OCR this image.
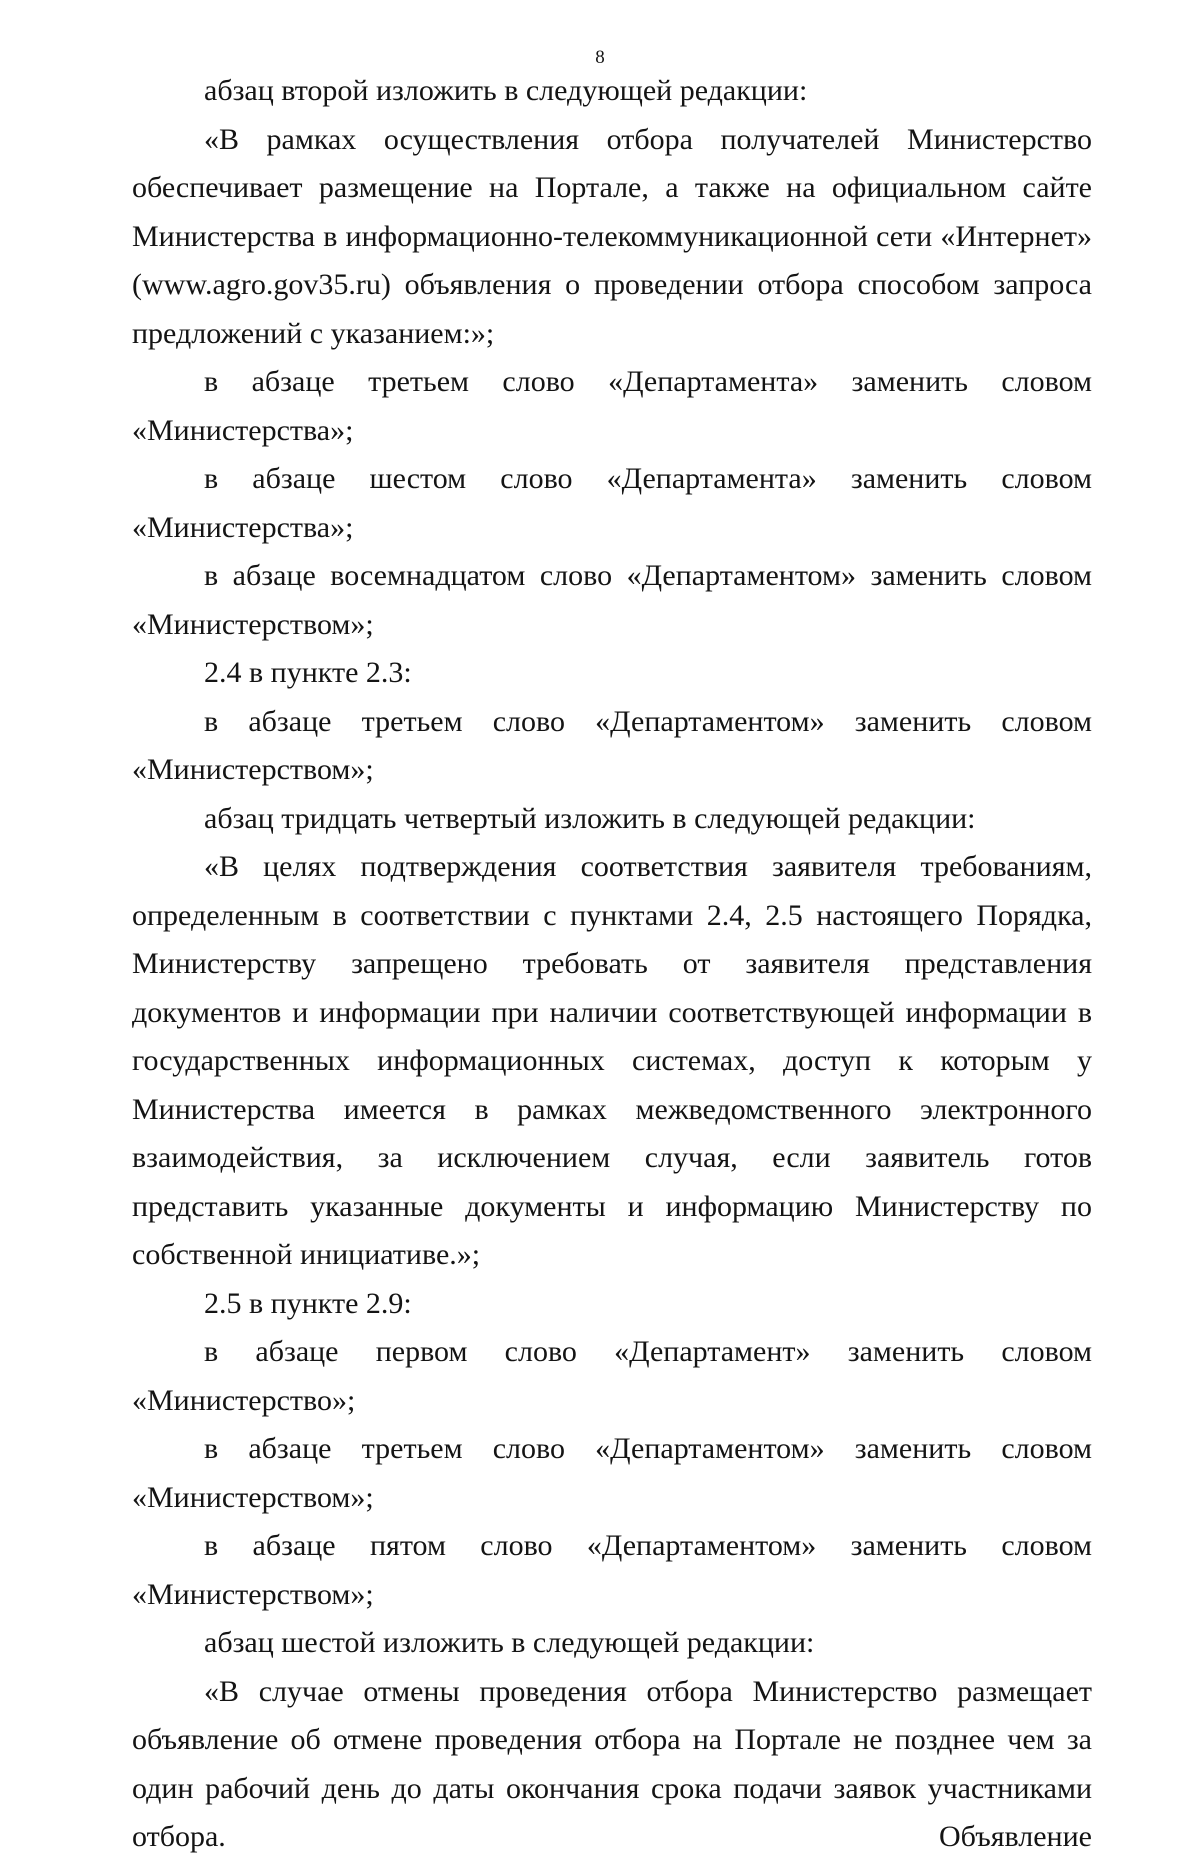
8

абзац второй изложить в следующей редакции:

«В рамках осуществления отбора получателей Министерство обеспечивает размещение на Портале, а также на официальном сайте Министерства в информационно-телекоммуникационной сети «Интернет» (www.agro.gov35.ru) объявления о проведении отбора способом запроса предложений с указанием:»;

в абзаце третьем слово «Департамента» заменить словом «Министерства»;

в абзаце шестом слово «Департамента» заменить словом «Министерства»;

в абзаце восемнадцатом слово «Департаментом» заменить словом «Министерством»;

2.4 в пункте 2.3:

в абзаце третьем слово «Департаментом» заменить словом «Министерством»;

абзац тридцать четвертый изложить в следующей редакции:

«В целях подтверждения соответствия заявителя требованиям, определенным в соответствии с пунктами 2.4, 2.5 настоящего Порядка, Министерству запрещено требовать от заявителя представления документов и информации при наличии соответствующей информации в государственных информационных системах, доступ к которым у Министерства имеется в рамках межведомственного электронного взаимодействия, за исключением случая, если заявитель готов представить указанные документы и информацию Министерству по собственной инициативе.»;

2.5 в пункте 2.9:

в абзаце первом слово «Департамент» заменить словом «Министерство»;

в абзаце третьем слово «Департаментом» заменить словом «Министерством»;

в абзаце пятом слово «Департаментом» заменить словом «Министерством»;

абзац шестой изложить в следующей редакции:

«В случае отмены проведения отбора Министерство размещает объявление об отмене проведения отбора на Портале не позднее чем за один рабочий день до даты окончания срока подачи заявок участниками отбора. Объявление
